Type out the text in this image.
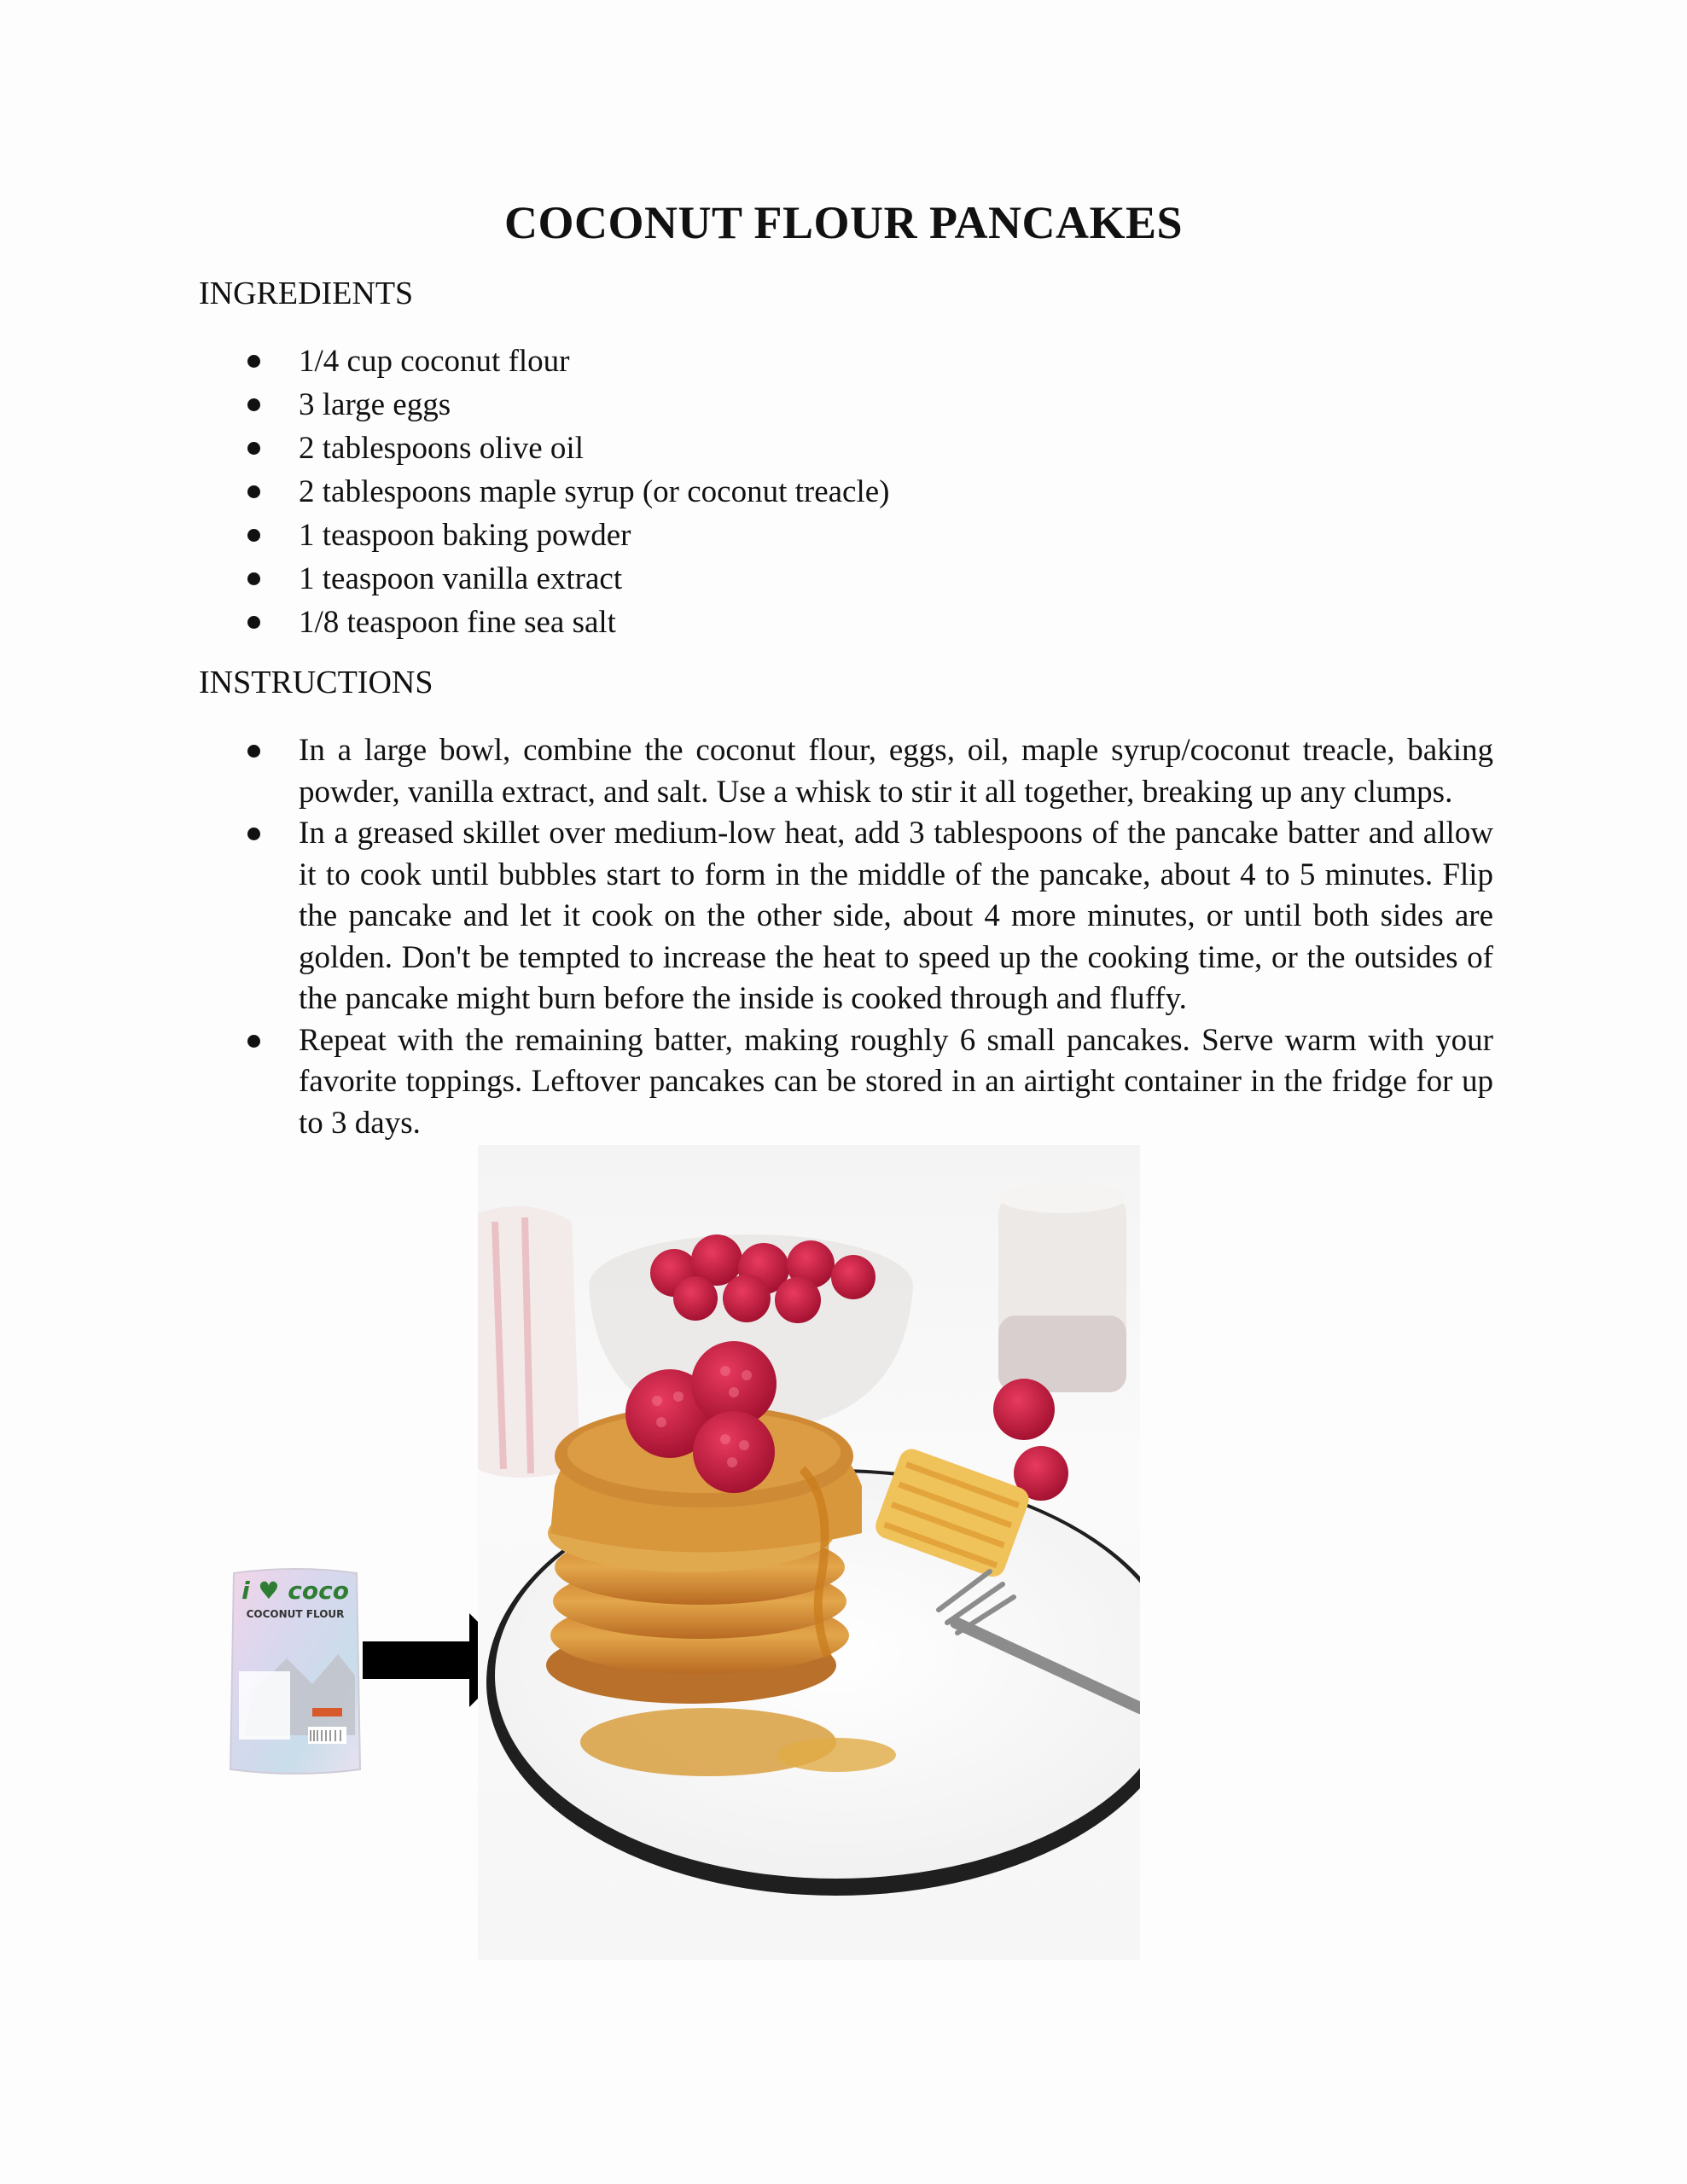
COCONUT FLOUR PANCAKES
INGREDIENTS
1/4 cup coconut flour
3 large eggs
2 tablespoons olive oil
2 tablespoons maple syrup (or coconut treacle)
1 teaspoon baking powder
1 teaspoon vanilla extract
1/8 teaspoon fine sea salt
INSTRUCTIONS
In a large bowl, combine the coconut flour, eggs, oil, maple syrup/coconut treacle, baking powder, vanilla extract, and salt. Use a whisk to stir it all together, breaking up any clumps.
In a greased skillet over medium-low heat, add 3 tablespoons of the pancake batter and allow it to cook until bubbles start to form in the middle of the pancake, about 4 to 5 minutes. Flip the pancake and let it cook on the other side, about 4 more minutes, or until both sides are golden. Don't be tempted to increase the heat to speed up the cooking time, or the outsides of the pancake might burn before the inside is cooked through and fluffy.
Repeat with the remaining batter, making roughly 6 small pancakes. Serve warm with your favorite toppings. Leftover pancakes can be stored in an airtight container in the fridge for up to 3 days.
i ♥ coco
COCONUT FLOUR
